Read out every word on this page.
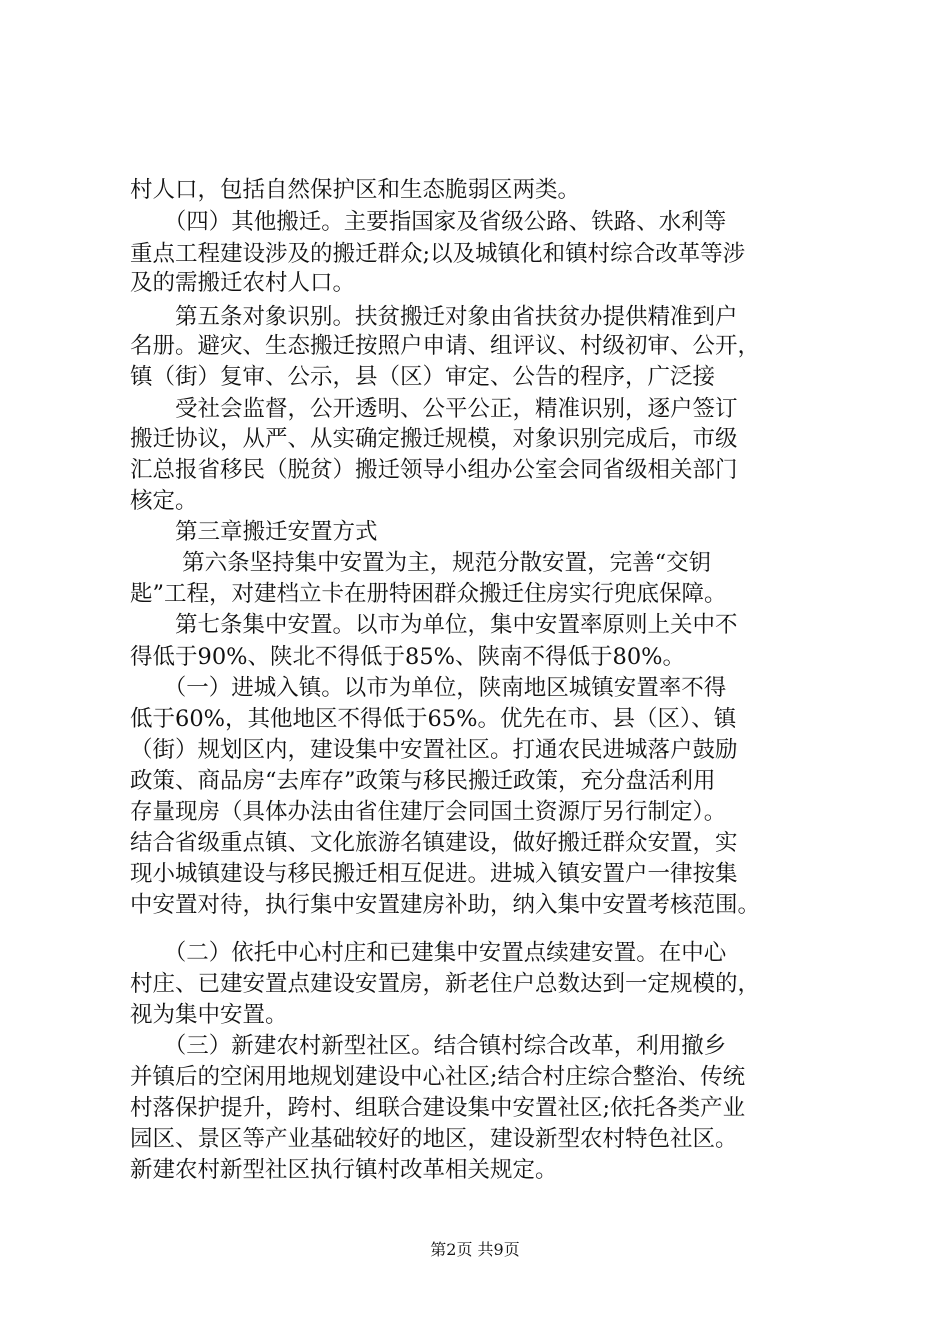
村人口，包括自然保护区和生态脆弱区两类。
　　（四）其他搬迁。主要指国家及省级公路、铁路、水利等
重点工程建设涉及的搬迁群众;以及城镇化和镇村综合改革等涉
及的需搬迁农村人口。
　　第五条对象识别。扶贫搬迁对象由省扶贫办提供精准到户
名册。避灾、生态搬迁按照户申请、组评议、村级初审、公开，
镇（街）复审、公示，县（区）审定、公告的程序，广泛接
　　受社会监督，公开透明、公平公正，精准识别，逐户签订
搬迁协议，从严、从实确定搬迁规模，对象识别完成后，市级
汇总报省移民（脱贫）搬迁领导小组办公室会同省级相关部门
核定。
　　第三章搬迁安置方式
　　 第六条坚持集中安置为主，规范分散安置，完善“交钥
匙”工程，对建档立卡在册特困群众搬迁住房实行兜底保障。
　　第七条集中安置。以市为单位，集中安置率原则上关中不
得低于90%、陕北不得低于85%、陕南不得低于80%。
　　（一）进城入镇。以市为单位，陕南地区城镇安置率不得
低于60%，其他地区不得低于65%。优先在市、县（区）、镇
（街）规划区内，建设集中安置社区。打通农民进城落户鼓励
政策、商品房“去库存”政策与移民搬迁政策，充分盘活利用
存量现房（具体办法由省住建厅会同国土资源厅另行制定）。
结合省级重点镇、文化旅游名镇建设，做好搬迁群众安置，实
现小城镇建设与移民搬迁相互促进。进城入镇安置户一律按集
中安置对待，执行集中安置建房补助，纳入集中安置考核范围。
　　（二）依托中心村庄和已建集中安置点续建安置。在中心
村庄、已建安置点建设安置房，新老住户总数达到一定规模的，
视为集中安置。
　　（三）新建农村新型社区。结合镇村综合改革，利用撤乡
并镇后的空闲用地规划建设中心社区;结合村庄综合整治、传统
村落保护提升，跨村、组联合建设集中安置社区;依托各类产业
园区、景区等产业基础较好的地区，建设新型农村特色社区。
新建农村新型社区执行镇村改革相关规定。
第2页 共9页
